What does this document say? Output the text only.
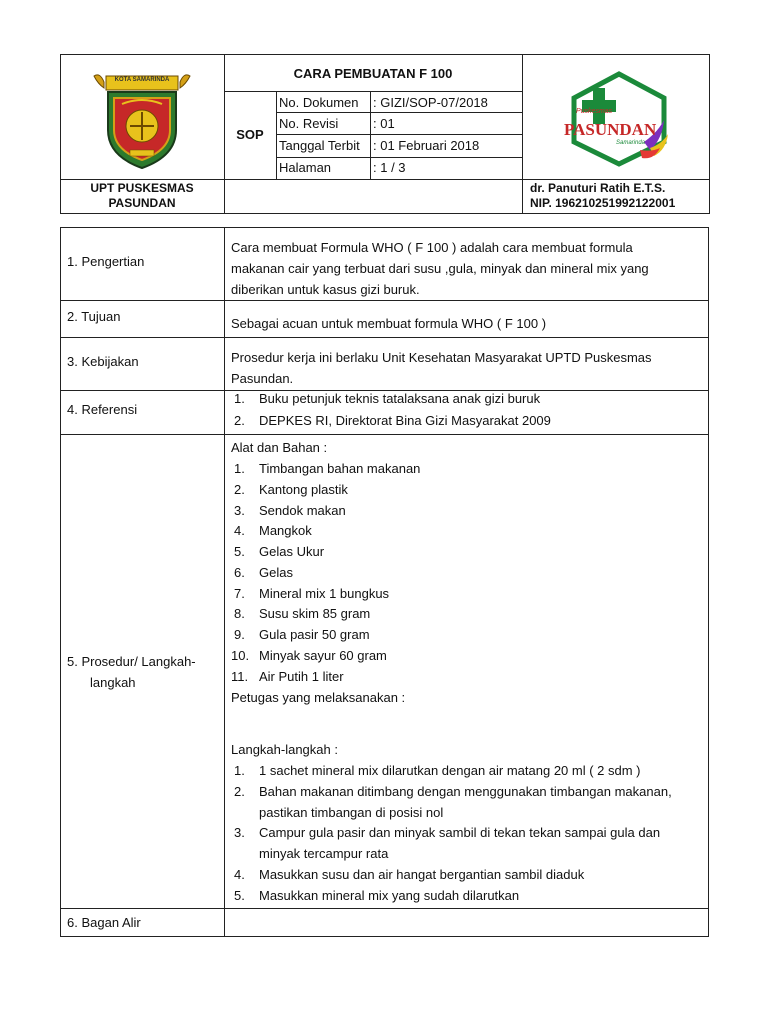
KOTA SAMARINDA	CARA PEMBUATAN F 100
SOP
No. Dokumen : GIZI/SOP-07/2018
No. Revisi	: 01
Tanggal Terbit : 01 Februari 2018
Halaman	: 1 / 3
Puskesmas
PASUNDAN
Samarinda
UPT PUSKESMAS
PASUNDAN
dr. Panuturi Ratih E.T.S.
NIP. 196210251992122001
1. Pengertian
Cara membuat Formula WHO ( F 100 ) adalah cara membuat formula
makanan cair yang terbuat dari susu ,gula, minyak dan mineral mix yang
diberikan untuk kasus gizi buruk.
2. Tujuan	Sebagai acuan untuk membuat formula WHO ( F 100 )
3. Kebijakan	Prosedur kerja ini berlaku Unit Kesehatan Masyarakat UPTD Puskesmas
Pasundan.
4. Referensi
1. Buku petunjuk teknis tatalaksana anak gizi buruk
2. DEPKES RI, Direktorat Bina Gizi Masyarakat 2009
5. Prosedur/ Langkah-
langkah
Alat dan Bahan :
1. Timbangan bahan makanan
2. Kantong plastik
3. Sendok makan
4. Mangkok
5. Gelas Ukur
6. Gelas
7. Mineral mix 1 bungkus
8. Susu skim 85 gram
9. Gula pasir 50 gram
10. Minyak sayur 60 gram
11. Air Putih 1 liter
Petugas yang melaksanakan :
Langkah-langkah :
1. 1 sachet mineral mix dilarutkan dengan air matang 20 ml ( 2 sdm )
2. Bahan makanan ditimbang dengan menggunakan timbangan makanan,
pastikan timbangan di posisi nol
3. Campur gula pasir dan minyak sambil di tekan tekan sampai gula dan
minyak tercampur rata
4. Masukkan susu dan air hangat bergantian sambil diaduk
5. Masukkan mineral mix yang sudah dilarutkan
6. Bagan Alir
